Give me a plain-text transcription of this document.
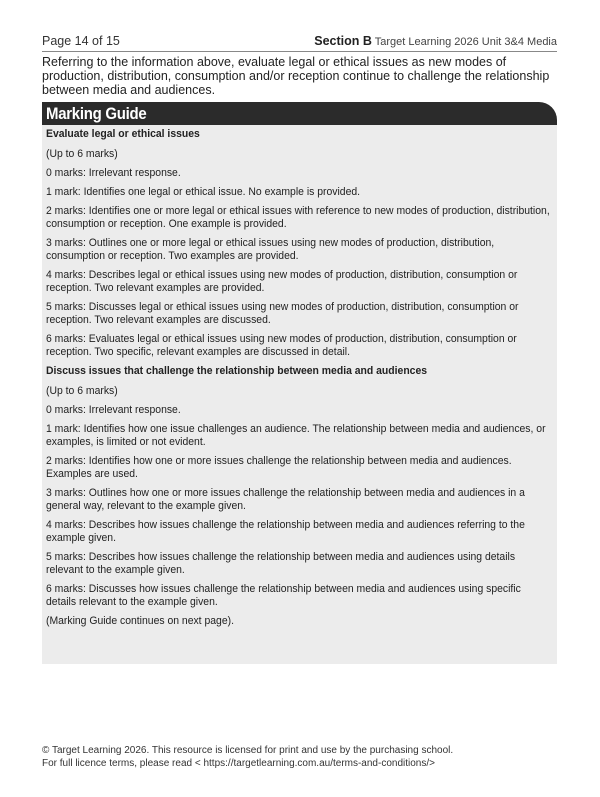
Page 14 of 15	Section B Target Learning 2026 Unit 3&4 Media
Referring to the information above, evaluate legal or ethical issues as new modes of production, distribution, consumption and/or reception continue to challenge the relationship between media and audiences.
Marking Guide
Evaluate legal or ethical issues
(Up to 6 marks)
0 marks: Irrelevant response.
1 mark: Identifies one legal or ethical issue. No example is provided.
2 marks: Identifies one or more legal or ethical issues with reference to new modes of production, distribution, consumption or reception. One example is provided.
3 marks: Outlines one or more legal or ethical issues using new modes of production, distribution, consumption or reception. Two examples are provided.
4 marks: Describes legal or ethical issues using new modes of production, distribution, consumption or reception. Two relevant examples are provided.
5 marks: Discusses legal or ethical issues using new modes of production, distribution, consumption or reception. Two relevant examples are discussed.
6 marks: Evaluates legal or ethical issues using new modes of production, distribution, consumption or reception. Two specific, relevant examples are discussed in detail.
Discuss issues that challenge the relationship between media and audiences
(Up to 6 marks)
0 marks: Irrelevant response.
1 mark: Identifies how one issue challenges an audience. The relationship between media and audiences, or examples, is limited or not evident.
2 marks: Identifies how one or more issues challenge the relationship between media and audiences. Examples are used.
3 marks: Outlines how one or more issues challenge the relationship between media and audiences in a general way, relevant to the example given.
4 marks: Describes how issues challenge the relationship between media and audiences referring to the example given.
5 marks: Describes how issues challenge the relationship between media and audiences using details relevant to the example given.
6 marks: Discusses how issues challenge the relationship between media and audiences using specific details relevant to the example given.
(Marking Guide continues on next page).
© Target Learning 2026. This resource is licensed for print and use by the purchasing school.
For full licence terms, please read < https://targetlearning.com.au/terms-and-conditions/>
